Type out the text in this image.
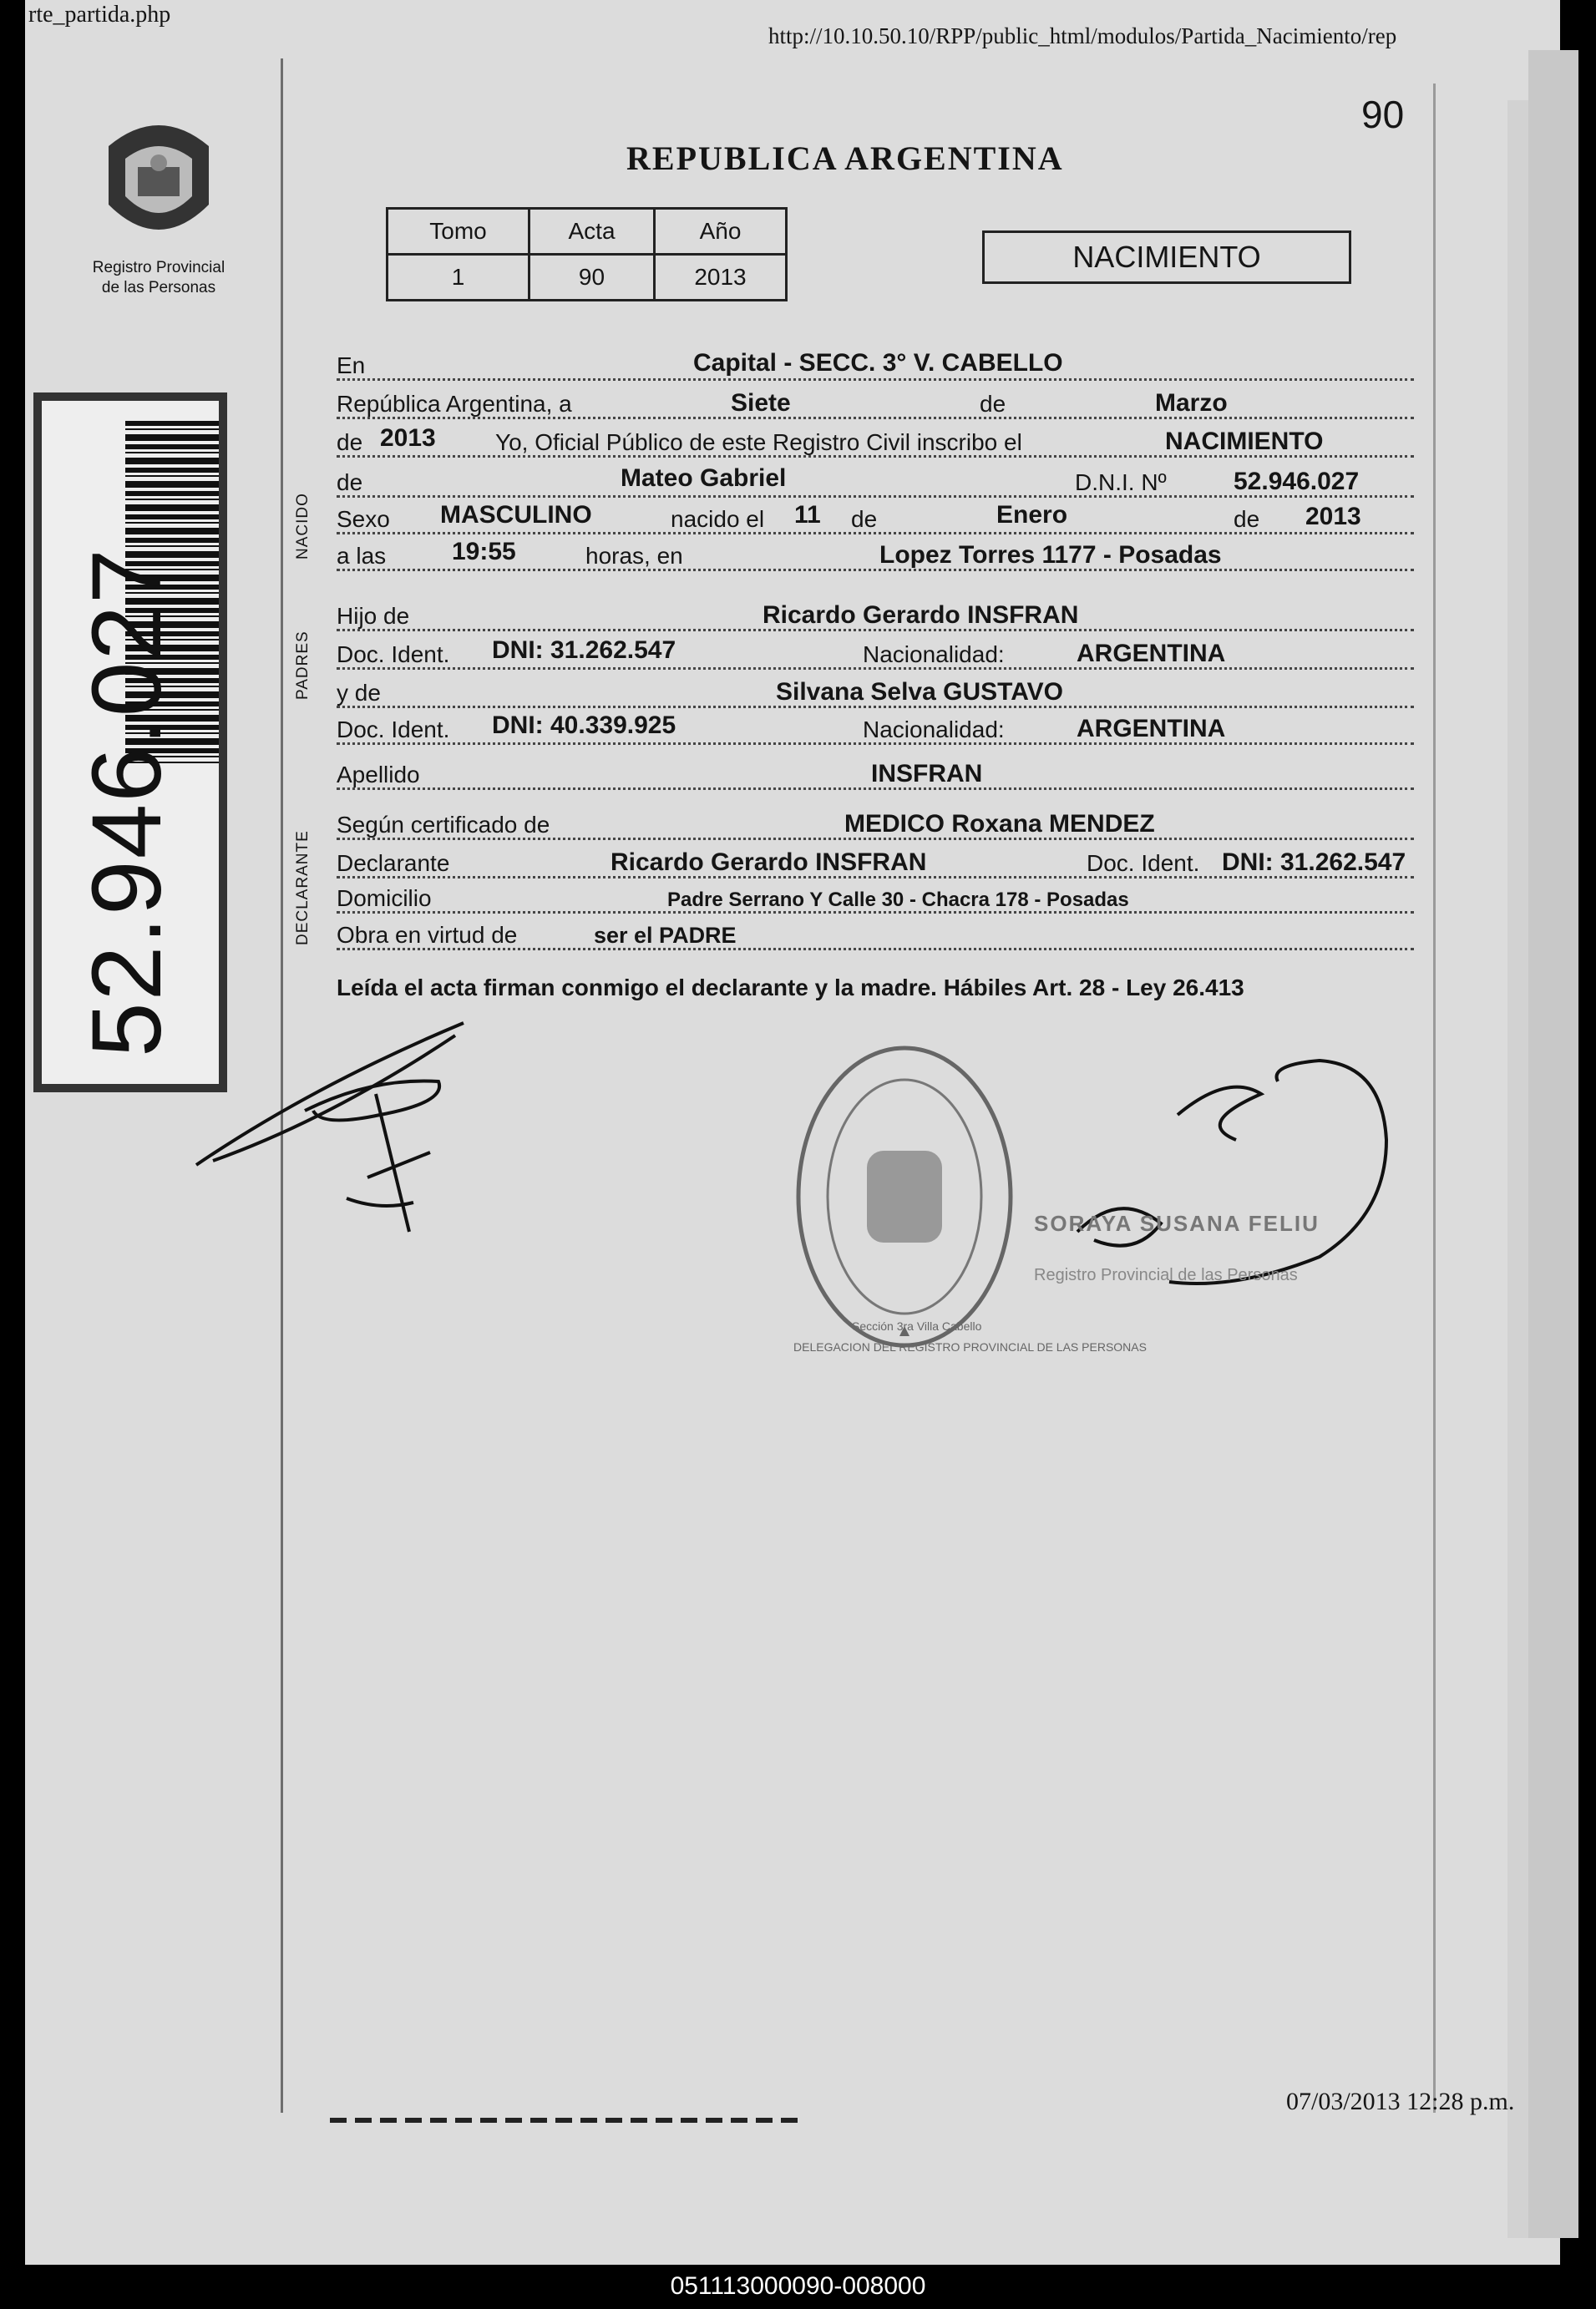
rte_partida.php
http://10.10.50.10/RPP/public_html/modulos/Partida_Nacimiento/rep
90
Registro Provincial
de las Personas
52.946.027
REPUBLICA ARGENTINA
Tomo	Acta	Año
1	90	2013
NACIMIENTO
NACIDO
PADRES
DECLARANTE
En	Capital - SECC. 3° V. CABELLO
República Argentina, a	Siete	de	Marzo
de 2013	Yo, Oficial Público de este Registro Civil inscribo el	NACIMIENTO
de	Mateo Gabriel	D.N.I. Nº	52.946.027
Sexo MASCULINO	nacido el 11 de	Enero	de 2013
a las	19:55	horas, en	Lopez Torres 1177 - Posadas
Hijo de	Ricardo Gerardo INSFRAN
Doc. Ident. DNI: 31.262.547	Nacionalidad:	ARGENTINA
y de	Silvana Selva GUSTAVO
Doc. Ident. DNI: 40.339.925	Nacionalidad:	ARGENTINA
Apellido	INSFRAN
Según certificado de	MEDICO Roxana MENDEZ
Declarante	Ricardo Gerardo INSFRAN	Doc. Ident. DNI: 31.262.547
Domicilio	Padre Serrano Y Calle 30 - Chacra 178 - Posadas
Obra en virtud de	ser el PADRE
Leída el acta firman conmigo el declarante y la madre. Hábiles Art. 28 - Ley 26.413
DELEGACION DEL REGISTRO PROVINCIAL DE LAS PERSONAS
Sección 3ra Villa Cabello
SORAYA SUSANA FELIU
Registro Provincial de las Personas
07/03/2013 12:28 p.m.
051113000090-008000
